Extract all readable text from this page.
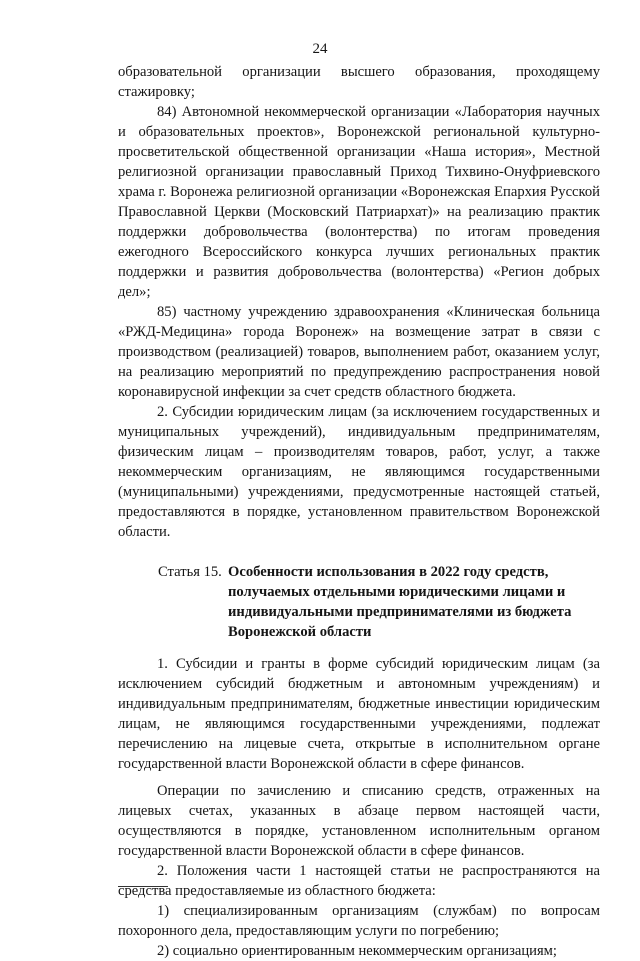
24

образовательной организации высшего образования, проходящему стажировку;

84) Автономной некоммерческой организации «Лаборатория научных и образовательных проектов», Воронежской региональной культурно-просветительской общественной организации «Наша история», Местной религиозной организации православный Приход Тихвино-Онуфриевского храма г. Воронежа религиозной организации «Воронежская Епархия Русской Православной Церкви (Московский Патриархат)» на реализацию практик поддержки добровольчества (волонтерства) по итогам проведения ежегодного Всероссийского конкурса лучших региональных практик поддержки и развития добровольчества (волонтерства) «Регион добрых дел»;

85) частному учреждению здравоохранения «Клиническая больница «РЖД-Медицина» города Воронеж» на возмещение затрат в связи с производством (реализацией) товаров, выполнением работ, оказанием услуг, на реализацию мероприятий по предупреждению распространения новой коронавирусной инфекции за счет средств областного бюджета.

2. Субсидии юридическим лицам (за исключением государственных и муниципальных учреждений), индивидуальным предпринимателям, физическим лицам – производителям товаров, работ, услуг, а также некоммерческим организациям, не являющимся государственными (муниципальными) учреждениями, предусмотренные настоящей статьей, предоставляются в порядке, установленном правительством Воронежской области.

Статья 15. Особенности использования в 2022 году средств, получаемых отдельными юридическими лицами и индивидуальными предпринимателями из бюджета Воронежской области

1. Субсидии и гранты в форме субсидий юридическим лицам (за исключением субсидий бюджетным и автономным учреждениям) и индивидуальным предпринимателям, бюджетные инвестиции юридическим лицам, не являющимся государственными учреждениями, подлежат перечислению на лицевые счета, открытые в исполнительном органе государственной власти Воронежской области в сфере финансов.

Операции по зачислению и списанию средств, отраженных на лицевых счетах, указанных в абзаце первом настоящей части, осуществляются в порядке, установленном исполнительным органом государственной власти Воронежской области в сфере финансов.

2. Положения части 1 настоящей статьи не распространяются на средства предоставляемые из областного бюджета:

1) специализированным организациям (службам) по вопросам похоронного дела, предоставляющим услуги по погребению;

2) социально ориентированным некоммерческим организациям;
